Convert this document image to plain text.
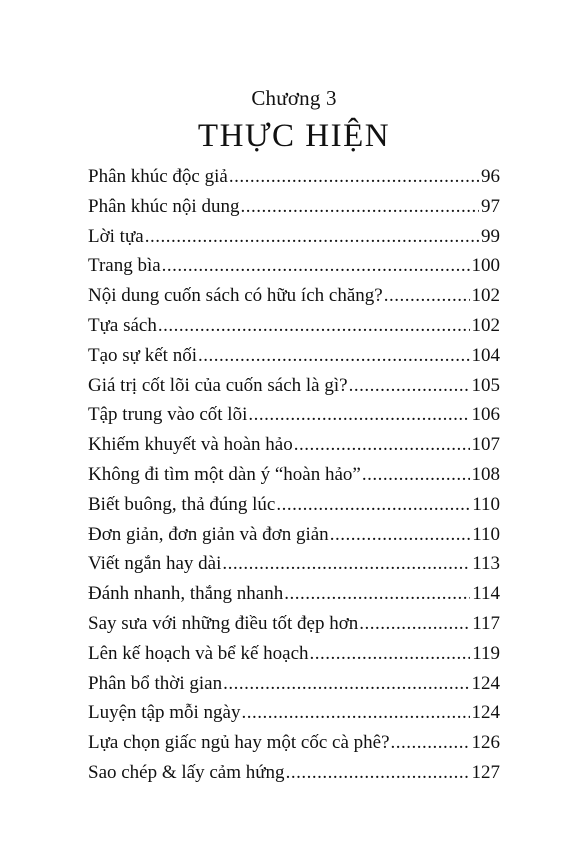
Chương 3

THỰC HIỆN
Phân khúc độc giả .....	96
Phân khúc nội dung .....	97
Lời tựa .....	99
Trang bìa .....	100
Nội dung cuốn sách có hữu ích chăng? .....	102
Tựa sách .....	102
Tạo sự kết nối .....	104
Giá trị cốt lõi của cuốn sách là gì? .....	105
Tập trung vào cốt lõi .....	106
Khiếm khuyết và hoàn hảo .....	107
Không đi tìm một dàn ý “hoàn hảo” .....	108
Biết buông, thả đúng lúc .....	110
Đơn giản, đơn giản và đơn giản .....	110
Viết ngắn hay dài .....	113
Đánh nhanh, thắng nhanh .....	114
Say sưa với những điều tốt đẹp hơn .....	117
Lên kế hoạch và bể kế hoạch .....	119
Phân bổ thời gian .....	124
Luyện tập mỗi ngày .....	124
Lựa chọn giấc ngủ hay một cốc cà phê? .....	126
Sao chép & lấy cảm hứng .....	127
